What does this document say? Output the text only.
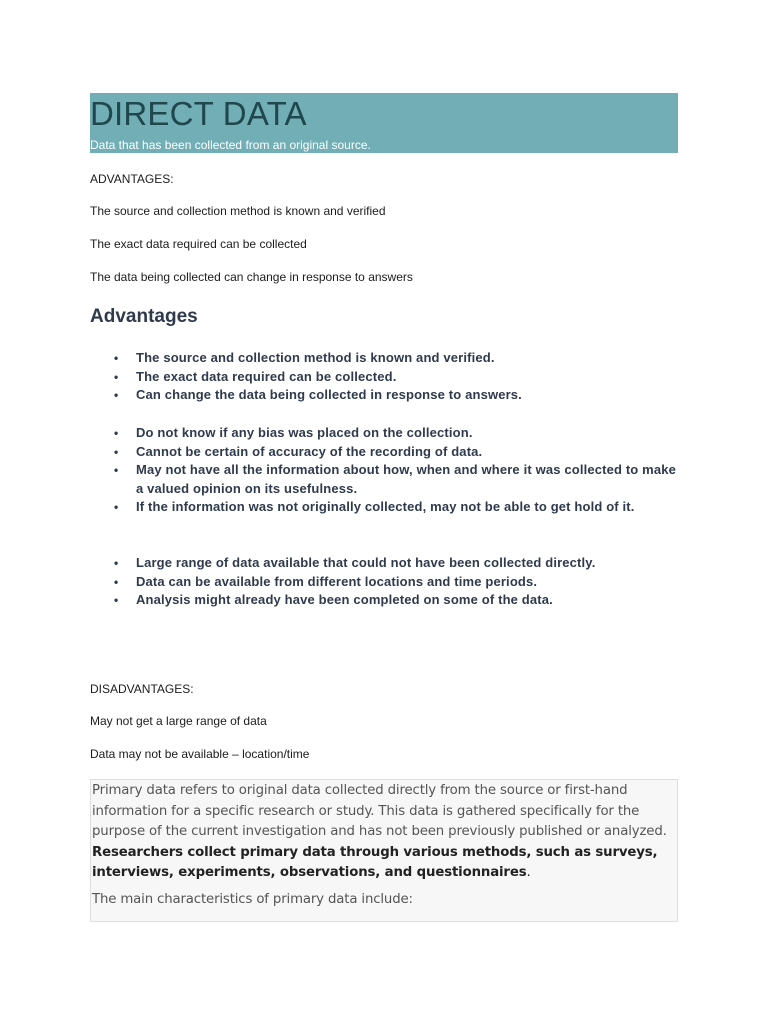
DIRECT DATA
Data that has been collected from an original source.
ADVANTAGES:
The source and collection method is known and verified
The exact data required can be collected
The data being collected can change in response to answers
Advantages
• The source and collection method is known and verified.
• The exact data required can be collected.
• Can change the data being collected in response to answers.
• Do not know if any bias was placed on the collection.
• Cannot be certain of accuracy of the recording of data.
• May not have all the information about how, when and where it was collected to make a valued opinion on its usefulness.
• If the information was not originally collected, may not be able to get hold of it.
• Large range of data available that could not have been collected directly.
• Data can be available from different locations and time periods.
• Analysis might already have been completed on some of the data.
DISADVANTAGES:
May not get a large range of data
Data may not be available – location/time
Primary data refers to original data collected directly from the source or first-hand information for a specific research or study. This data is gathered specifically for the purpose of the current investigation and has not been previously published or analyzed. Researchers collect primary data through various methods, such as surveys, interviews, experiments, observations, and questionnaires.
The main characteristics of primary data include:
